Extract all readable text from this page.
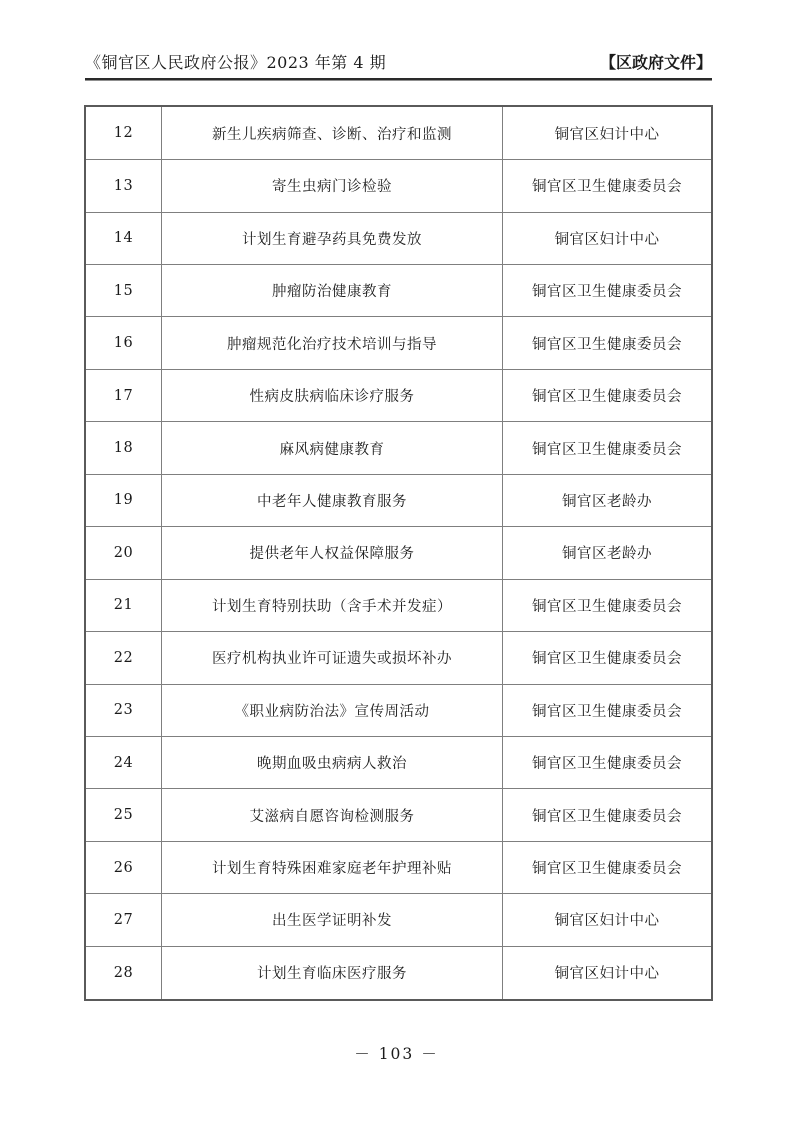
《铜官区人民政府公报》2023 年第 4 期	【区政府文件】
12	新生儿疾病筛查、诊断、治疗和监测	铜官区妇计中心
13	寄生虫病门诊检验	铜官区卫生健康委员会
14	计划生育避孕药具免费发放	铜官区妇计中心
15	肿瘤防治健康教育	铜官区卫生健康委员会
16	肿瘤规范化治疗技术培训与指导	铜官区卫生健康委员会
17	性病皮肤病临床诊疗服务	铜官区卫生健康委员会
18	麻风病健康教育	铜官区卫生健康委员会
19	中老年人健康教育服务	铜官区老龄办
20	提供老年人权益保障服务	铜官区老龄办
21	计划生育特别扶助（含手术并发症）	铜官区卫生健康委员会
22	医疗机构执业许可证遗失或损坏补办	铜官区卫生健康委员会
23	《职业病防治法》宣传周活动	铜官区卫生健康委员会
24	晚期血吸虫病病人救治	铜官区卫生健康委员会
25	艾滋病自愿咨询检测服务	铜官区卫生健康委员会
26	计划生育特殊困难家庭老年护理补贴	铜官区卫生健康委员会
27	出生医学证明补发	铜官区妇计中心
28	计划生育临床医疗服务	铜官区妇计中心
－ 103 －
